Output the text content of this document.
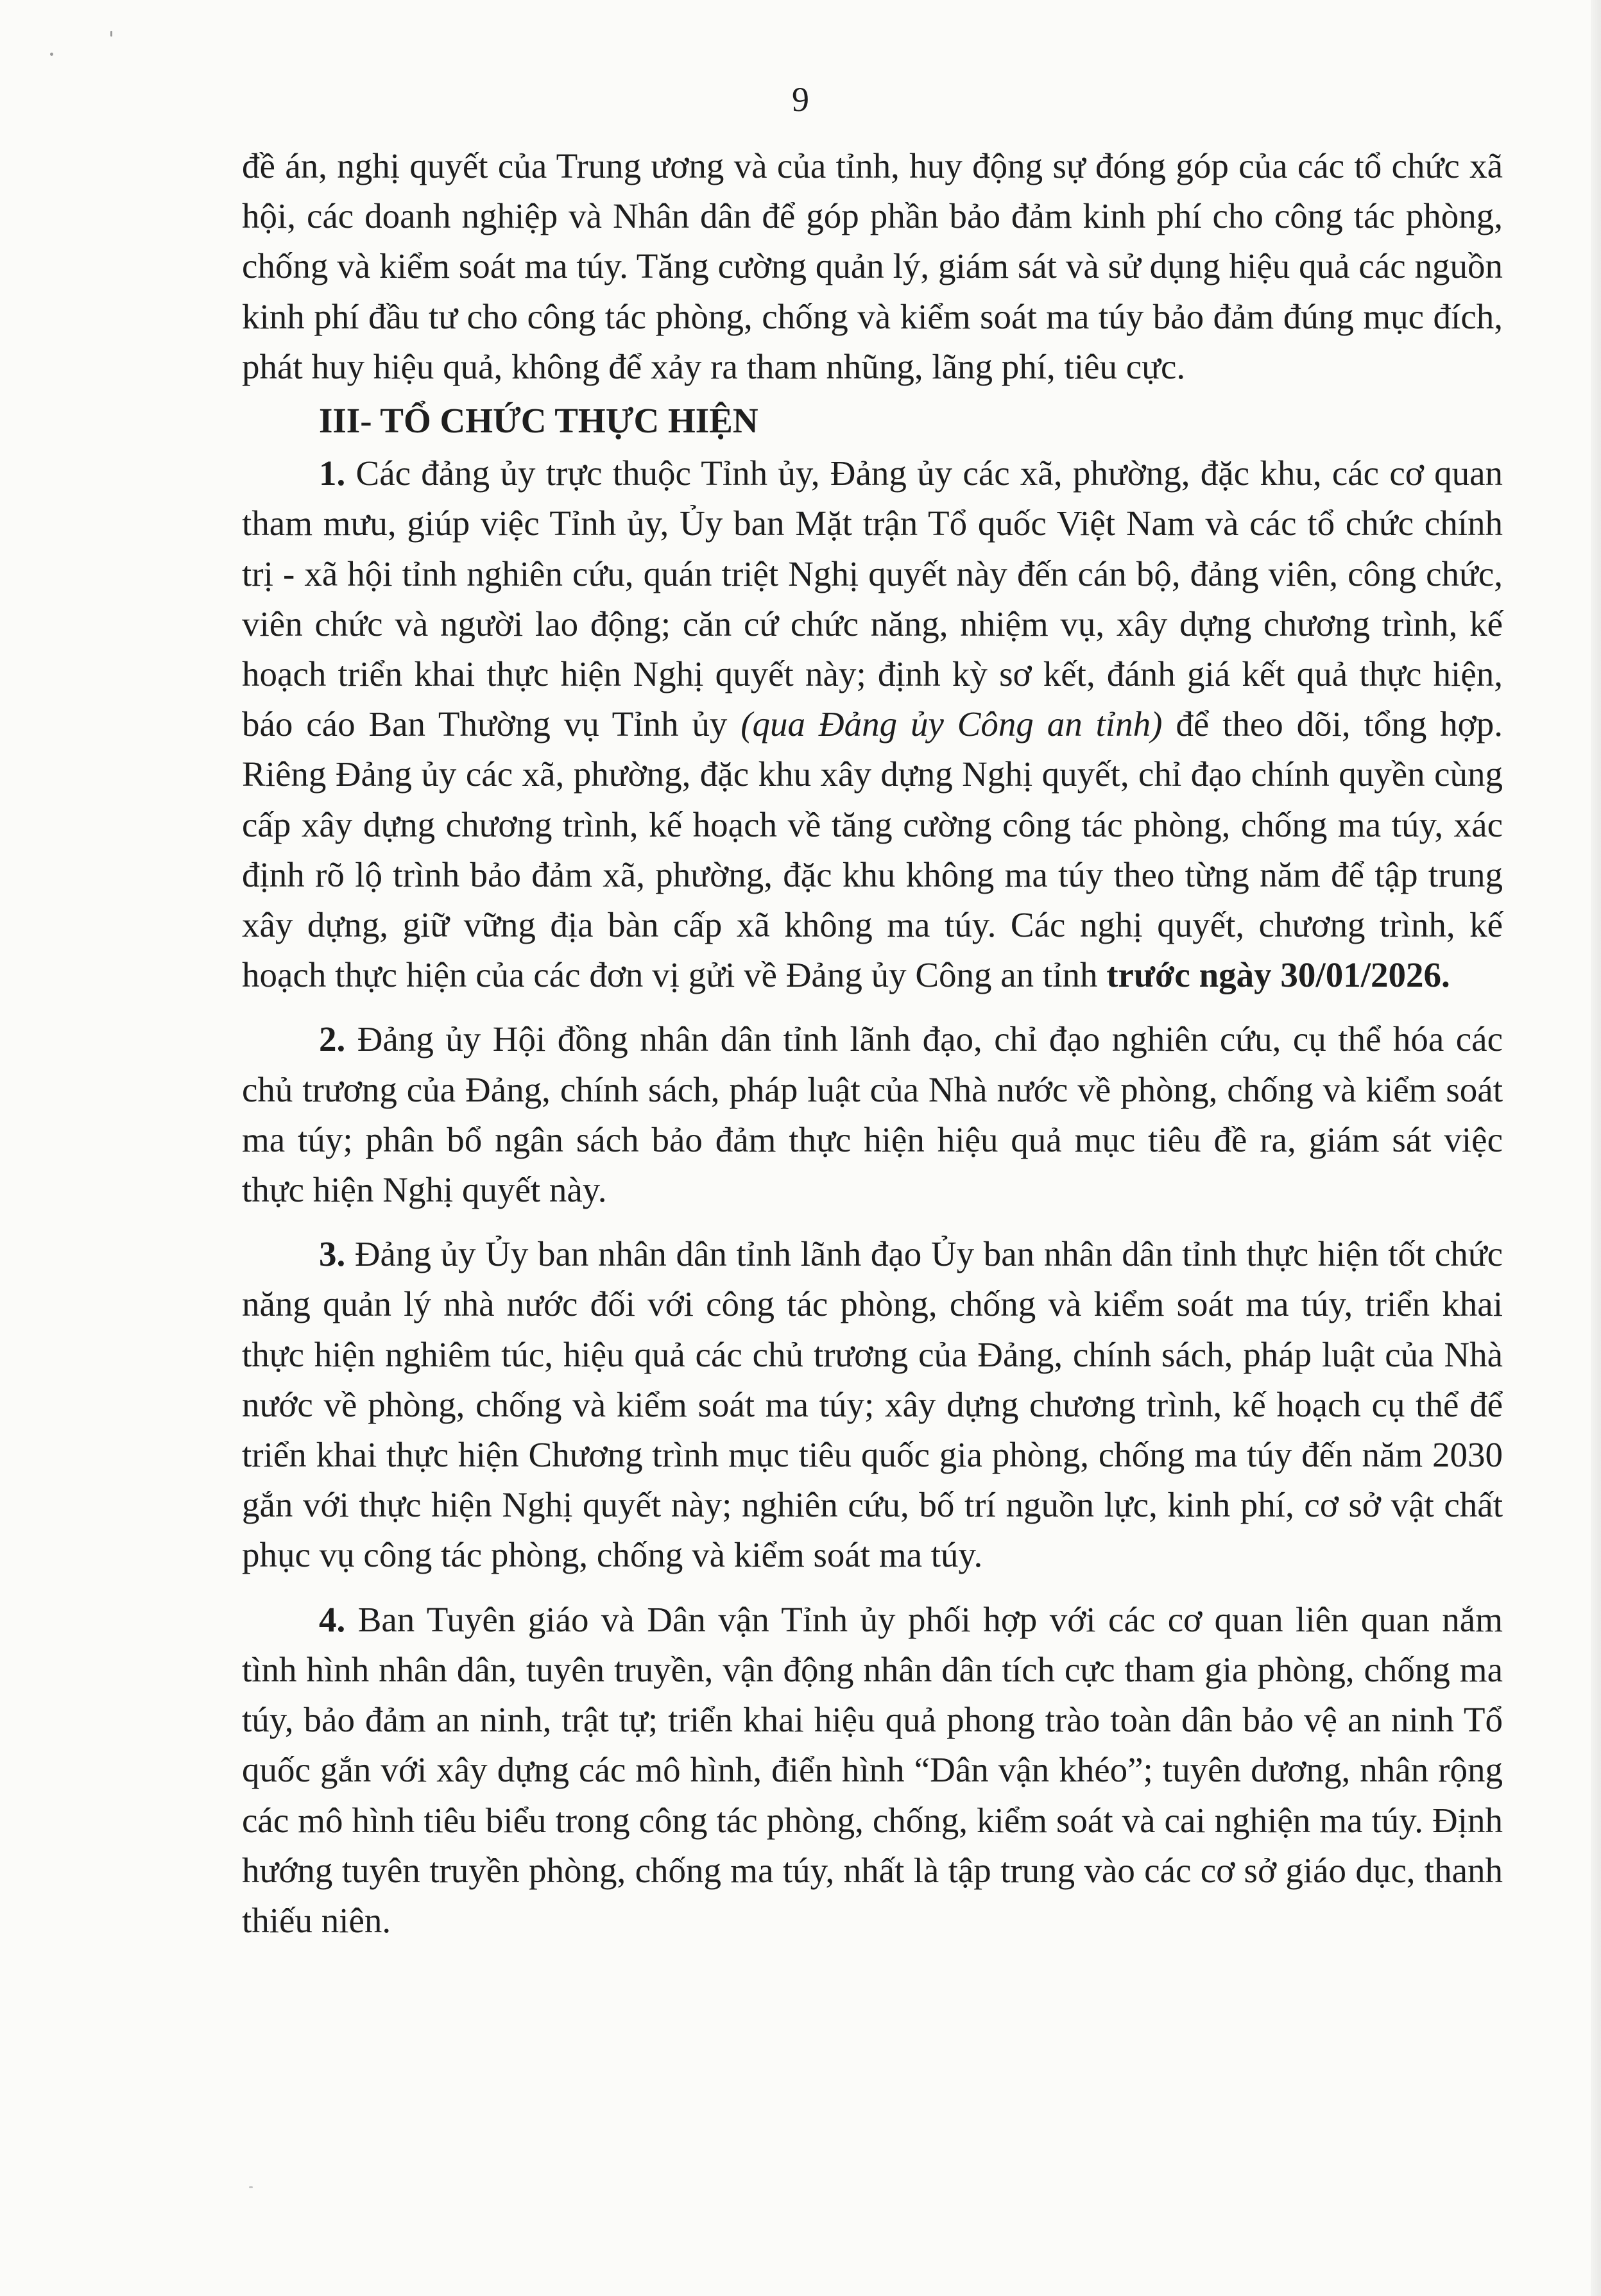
9

đề án, nghị quyết của Trung ương và của tỉnh, huy động sự đóng góp của các tổ chức xã hội, các doanh nghiệp và Nhân dân để góp phần bảo đảm kinh phí cho công tác phòng, chống và kiểm soát ma túy. Tăng cường quản lý, giám sát và sử dụng hiệu quả các nguồn kinh phí đầu tư cho công tác phòng, chống và kiểm soát ma túy bảo đảm đúng mục đích, phát huy hiệu quả, không để xảy ra tham nhũng, lãng phí, tiêu cực.

III- TỔ CHỨC THỰC HIỆN

1. Các đảng ủy trực thuộc Tỉnh ủy, Đảng ủy các xã, phường, đặc khu, các cơ quan tham mưu, giúp việc Tỉnh ủy, Ủy ban Mặt trận Tổ quốc Việt Nam và các tổ chức chính trị - xã hội tỉnh nghiên cứu, quán triệt Nghị quyết này đến cán bộ, đảng viên, công chức, viên chức và người lao động; căn cứ chức năng, nhiệm vụ, xây dựng chương trình, kế hoạch triển khai thực hiện Nghị quyết này; định kỳ sơ kết, đánh giá kết quả thực hiện, báo cáo Ban Thường vụ Tỉnh ủy (qua Đảng ủy Công an tỉnh) để theo dõi, tổng hợp. Riêng Đảng ủy các xã, phường, đặc khu xây dựng Nghị quyết, chỉ đạo chính quyền cùng cấp xây dựng chương trình, kế hoạch về tăng cường công tác phòng, chống ma túy, xác định rõ lộ trình bảo đảm xã, phường, đặc khu không ma túy theo từng năm để tập trung xây dựng, giữ vững địa bàn cấp xã không ma túy. Các nghị quyết, chương trình, kế hoạch thực hiện của các đơn vị gửi về Đảng ủy Công an tỉnh trước ngày 30/01/2026.

2. Đảng ủy Hội đồng nhân dân tỉnh lãnh đạo, chỉ đạo nghiên cứu, cụ thể hóa các chủ trương của Đảng, chính sách, pháp luật của Nhà nước về phòng, chống và kiểm soát ma túy; phân bổ ngân sách bảo đảm thực hiện hiệu quả mục tiêu đề ra, giám sát việc thực hiện Nghị quyết này.

3. Đảng ủy Ủy ban nhân dân tỉnh lãnh đạo Ủy ban nhân dân tỉnh thực hiện tốt chức năng quản lý nhà nước đối với công tác phòng, chống và kiểm soát ma túy, triển khai thực hiện nghiêm túc, hiệu quả các chủ trương của Đảng, chính sách, pháp luật của Nhà nước về phòng, chống và kiểm soát ma túy; xây dựng chương trình, kế hoạch cụ thể để triển khai thực hiện Chương trình mục tiêu quốc gia phòng, chống ma túy đến năm 2030 gắn với thực hiện Nghị quyết này; nghiên cứu, bố trí nguồn lực, kinh phí, cơ sở vật chất phục vụ công tác phòng, chống và kiểm soát ma túy.

4. Ban Tuyên giáo và Dân vận Tỉnh ủy phối hợp với các cơ quan liên quan nắm tình hình nhân dân, tuyên truyền, vận động nhân dân tích cực tham gia phòng, chống ma túy, bảo đảm an ninh, trật tự; triển khai hiệu quả phong trào toàn dân bảo vệ an ninh Tổ quốc gắn với xây dựng các mô hình, điển hình “Dân vận khéo”; tuyên dương, nhân rộng các mô hình tiêu biểu trong công tác phòng, chống, kiểm soát và cai nghiện ma túy. Định hướng tuyên truyền phòng, chống ma túy, nhất là tập trung vào các cơ sở giáo dục, thanh thiếu niên.
